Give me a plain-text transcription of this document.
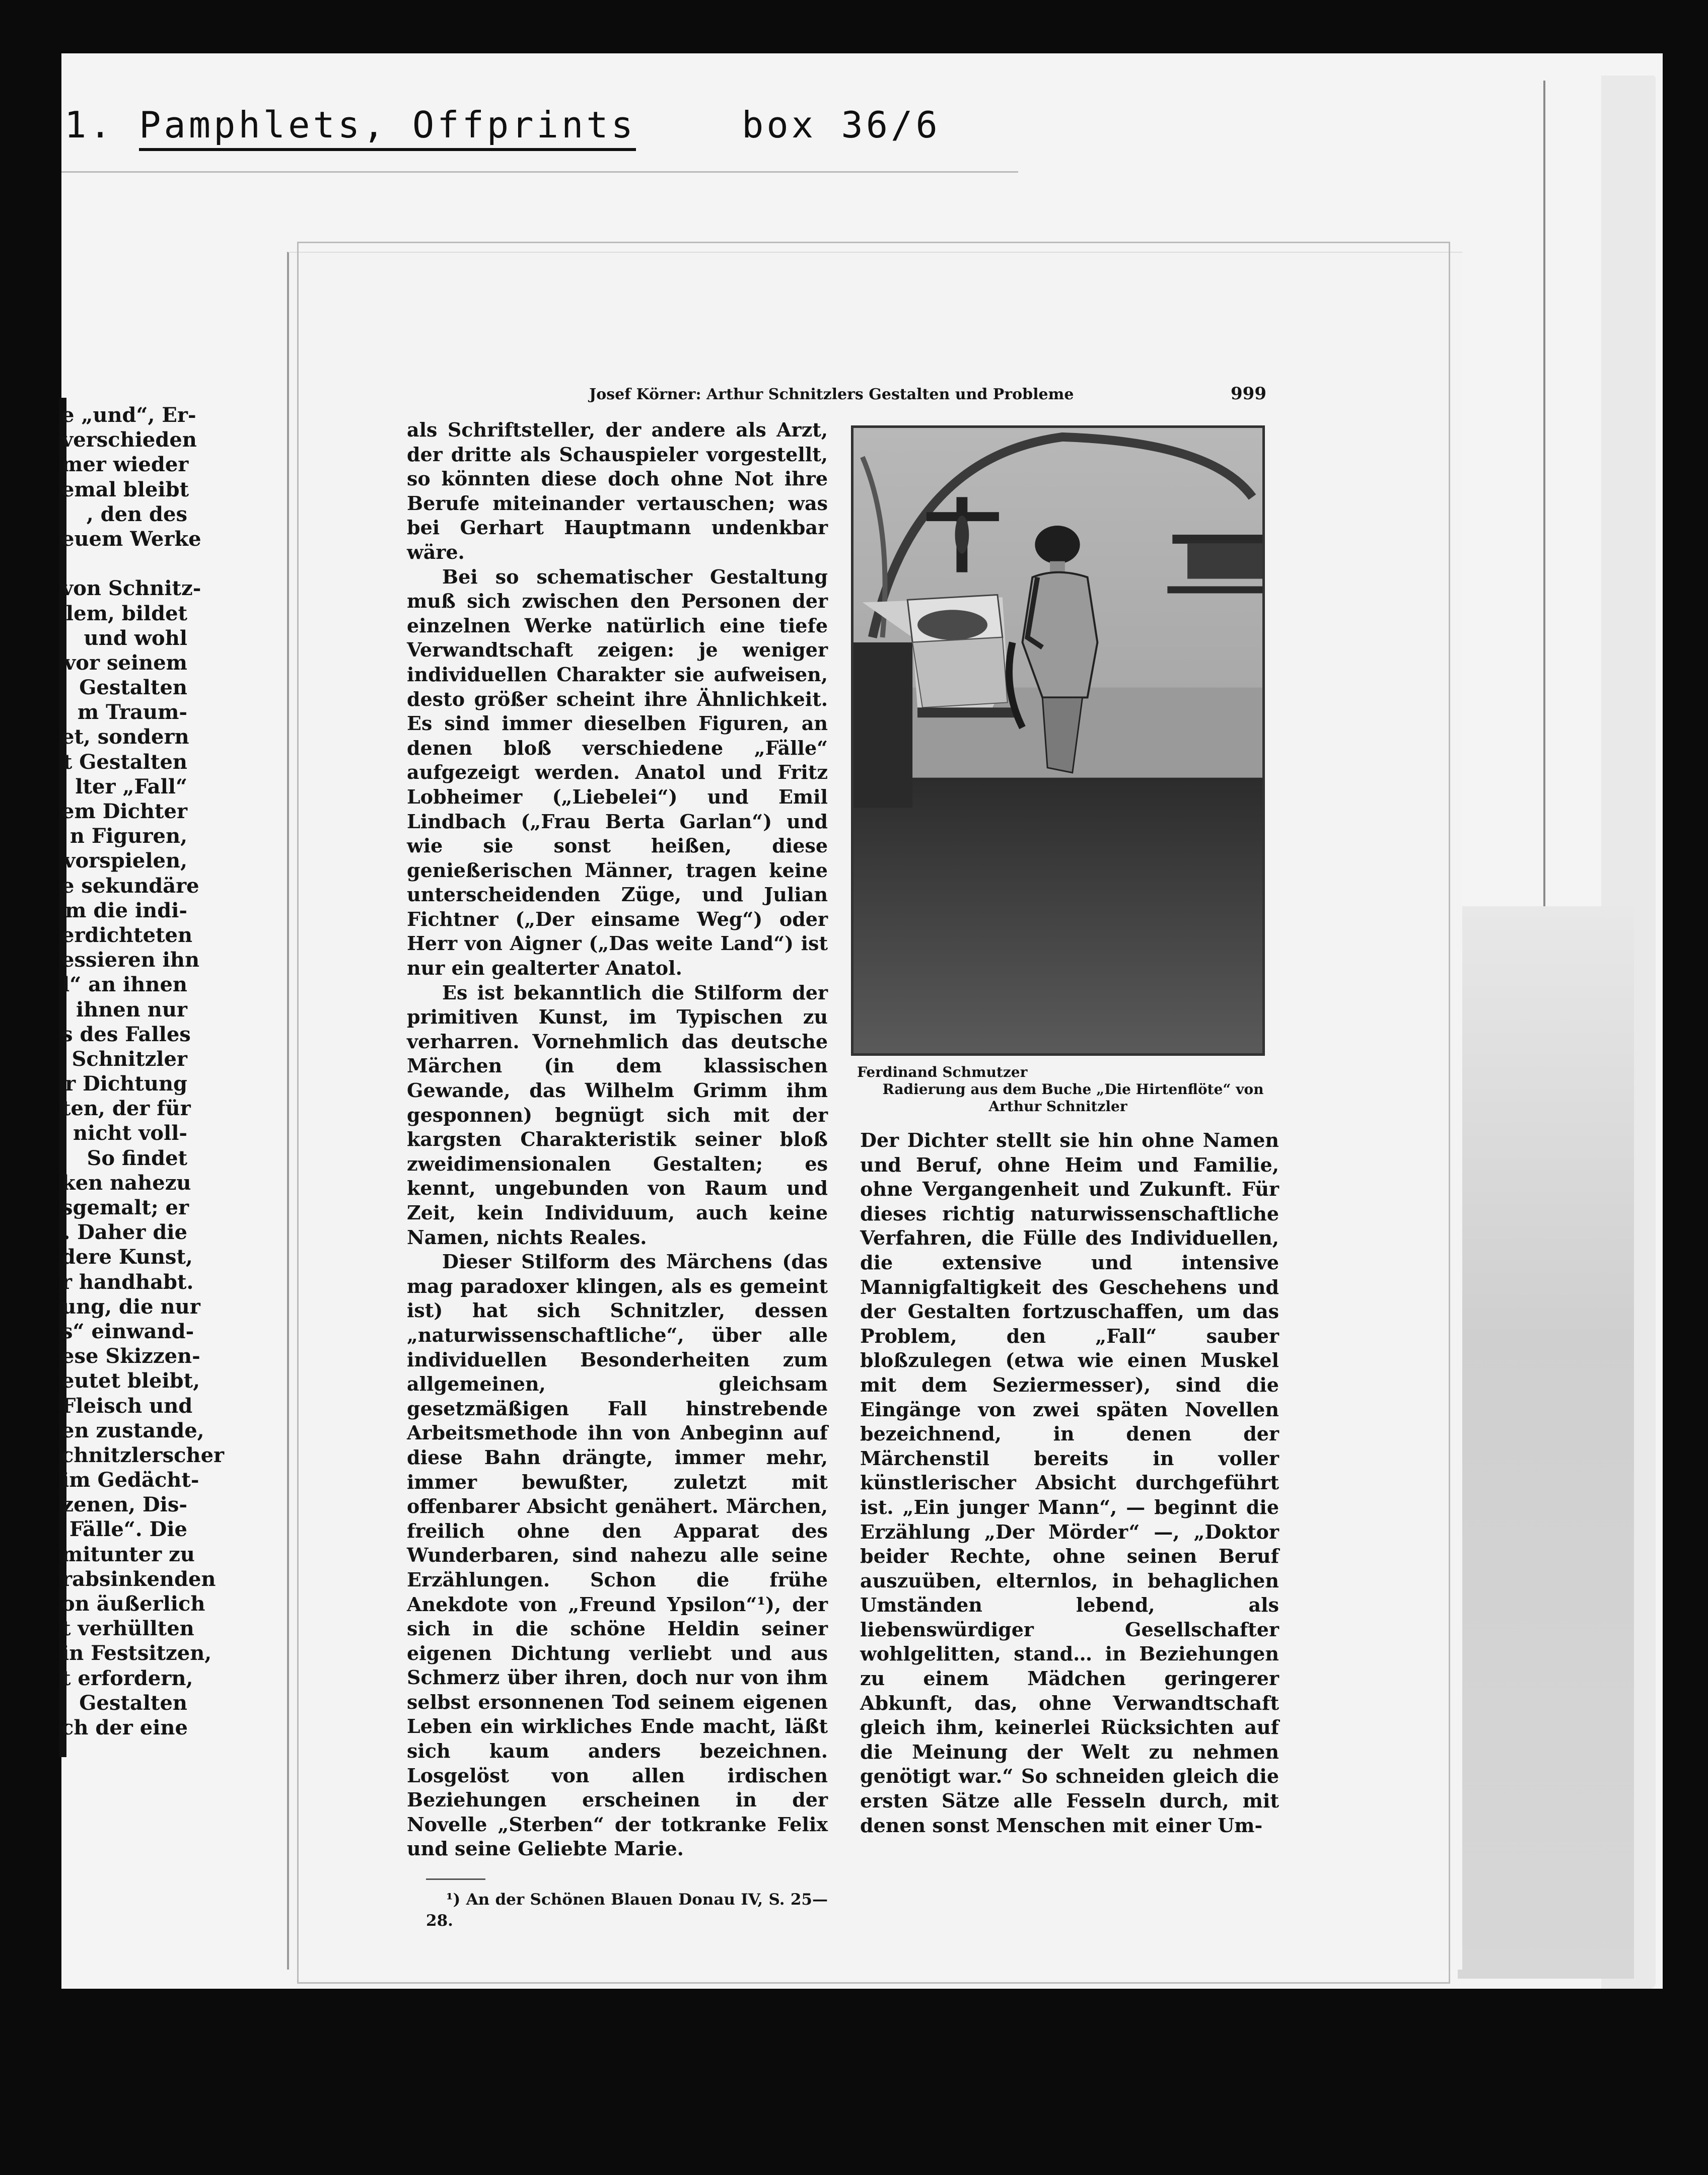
1. Pamphlets, Offprints	box 36/6
e „und“, Er-
verschieden
mer wieder
emal bleibt
, den des
euem Werke
von Schnitz-
lem, bildet
und wohl
vor seinem
Gestalten
m Traum-
et, sondern
t Gestalten
lter „Fall“
em Dichter
n Figuren,
vorspielen,
e sekundäre
m die indi-
erdichteten
essieren ihn
l“ an ihnen
ihnen nur
s des Falles
Schnitzler
r Dichtung
ten, der für
nicht voll-
So findet
ken nahezu
sgemalt; er
. Daher die
dere Kunst,
r handhabt.
ung, die nur
s“ einwand-
ese Skizzen-
eutet bleibt,
Fleisch und
en zustande,
chnitzlerscher
im Gedächt-
zenen, Dis-
Fälle“. Die
mitunter zu
rabsinkenden
on äußerlich
t verhüllten
in Festsitzen,
t erfordern,
Gestalten
ch der eine
Josef Körner: Arthur Schnitzlers Gestalten und Probleme	999

als Schriftsteller, der andere als Arzt, der dritte als Schauspieler vorgestellt, so könnten diese doch ohne Not ihre Berufe miteinander vertauschen; was bei Gerhart Hauptmann undenkbar wäre.

Bei so schematischer Gestaltung muß sich zwischen den Personen der einzelnen Werke natürlich eine tiefe Verwandtschaft zeigen: je weniger individuellen Charakter sie aufweisen, desto größer scheint ihre Ähnlichkeit. Es sind immer dieselben Figuren, an denen bloß verschiedene „Fälle“ aufgezeigt werden. Anatol und Fritz Lobheimer („Liebelei“) und Emil Lindbach („Frau Berta Garlan“) und wie sie sonst heißen, diese genießerischen Männer, tragen keine unterscheidenden Züge, und Julian Fichtner („Der einsame Weg“) oder Herr von Aigner („Das weite Land“) ist nur ein gealterter Anatol.

Es ist bekanntlich die Stilform der primitiven Kunst, im Typischen zu verharren. Vornehmlich das deutsche Märchen (in dem klassischen Gewande, das Wilhelm Grimm ihm gesponnen) begnügt sich mit der kargsten Charakteristik seiner bloß zweidimensionalen Gestalten; es kennt, ungebunden von Raum und Zeit, kein Individuum, auch keine Namen, nichts Reales.

Dieser Stilform des Märchens (das mag paradoxer klingen, als es gemeint ist) hat sich Schnitzler, dessen „naturwissenschaftliche“, über alle individuellen Besonderheiten zum allgemeinen, gleichsam gesetzmäßigen Fall hinstrebende Arbeitsmethode ihn von Anbeginn auf diese Bahn drängte, immer mehr, immer bewußter, zuletzt mit offenbarer Absicht genähert. Märchen, freilich ohne den Apparat des Wunderbaren, sind nahezu alle seine Erzählungen. Schon die frühe Anekdote von „Freund Ypsilon“¹), der sich in die schöne Heldin seiner eigenen Dichtung verliebt und aus Schmerz über ihren, doch nur von ihm selbst ersonnenen Tod seinem eigenen Leben ein wirkliches Ende macht, läßt sich kaum anders bezeichnen. Losgelöst von allen irdischen Beziehungen erscheinen in der Novelle „Sterben“ der totkranke Felix und seine Geliebte Marie.

¹) An der Schönen Blauen Donau IV, S. 25—28.
Ferdinand Schmutzer
Radierung aus dem Buche „Die Hirtenflöte“ von
Arthur Schnitzler

Der Dichter stellt sie hin ohne Namen und Beruf, ohne Heim und Familie, ohne Vergangenheit und Zukunft. Für dieses richtig naturwissenschaftliche Verfahren, die Fülle des Individuellen, die extensive und intensive Mannigfaltigkeit des Geschehens und der Gestalten fortzuschaffen, um das Problem, den „Fall“ sauber bloßzulegen (etwa wie einen Muskel mit dem Seziermesser), sind die Eingänge von zwei späten Novellen bezeichnend, in denen der Märchenstil bereits in voller künstlerischer Absicht durchgeführt ist. „Ein junger Mann“, — beginnt die Erzählung „Der Mörder“ —, „Doktor beider Rechte, ohne seinen Beruf auszuüben, elternlos, in behaglichen Umständen lebend, als liebenswürdiger Gesellschafter wohlgelitten, stand… in Beziehungen zu einem Mädchen geringerer Abkunft, das, ohne Verwandtschaft gleich ihm, keinerlei Rücksichten auf die Meinung der Welt zu nehmen genötigt war.“ So schneiden gleich die ersten Sätze alle Fesseln durch, mit denen sonst Menschen mit einer Um-
